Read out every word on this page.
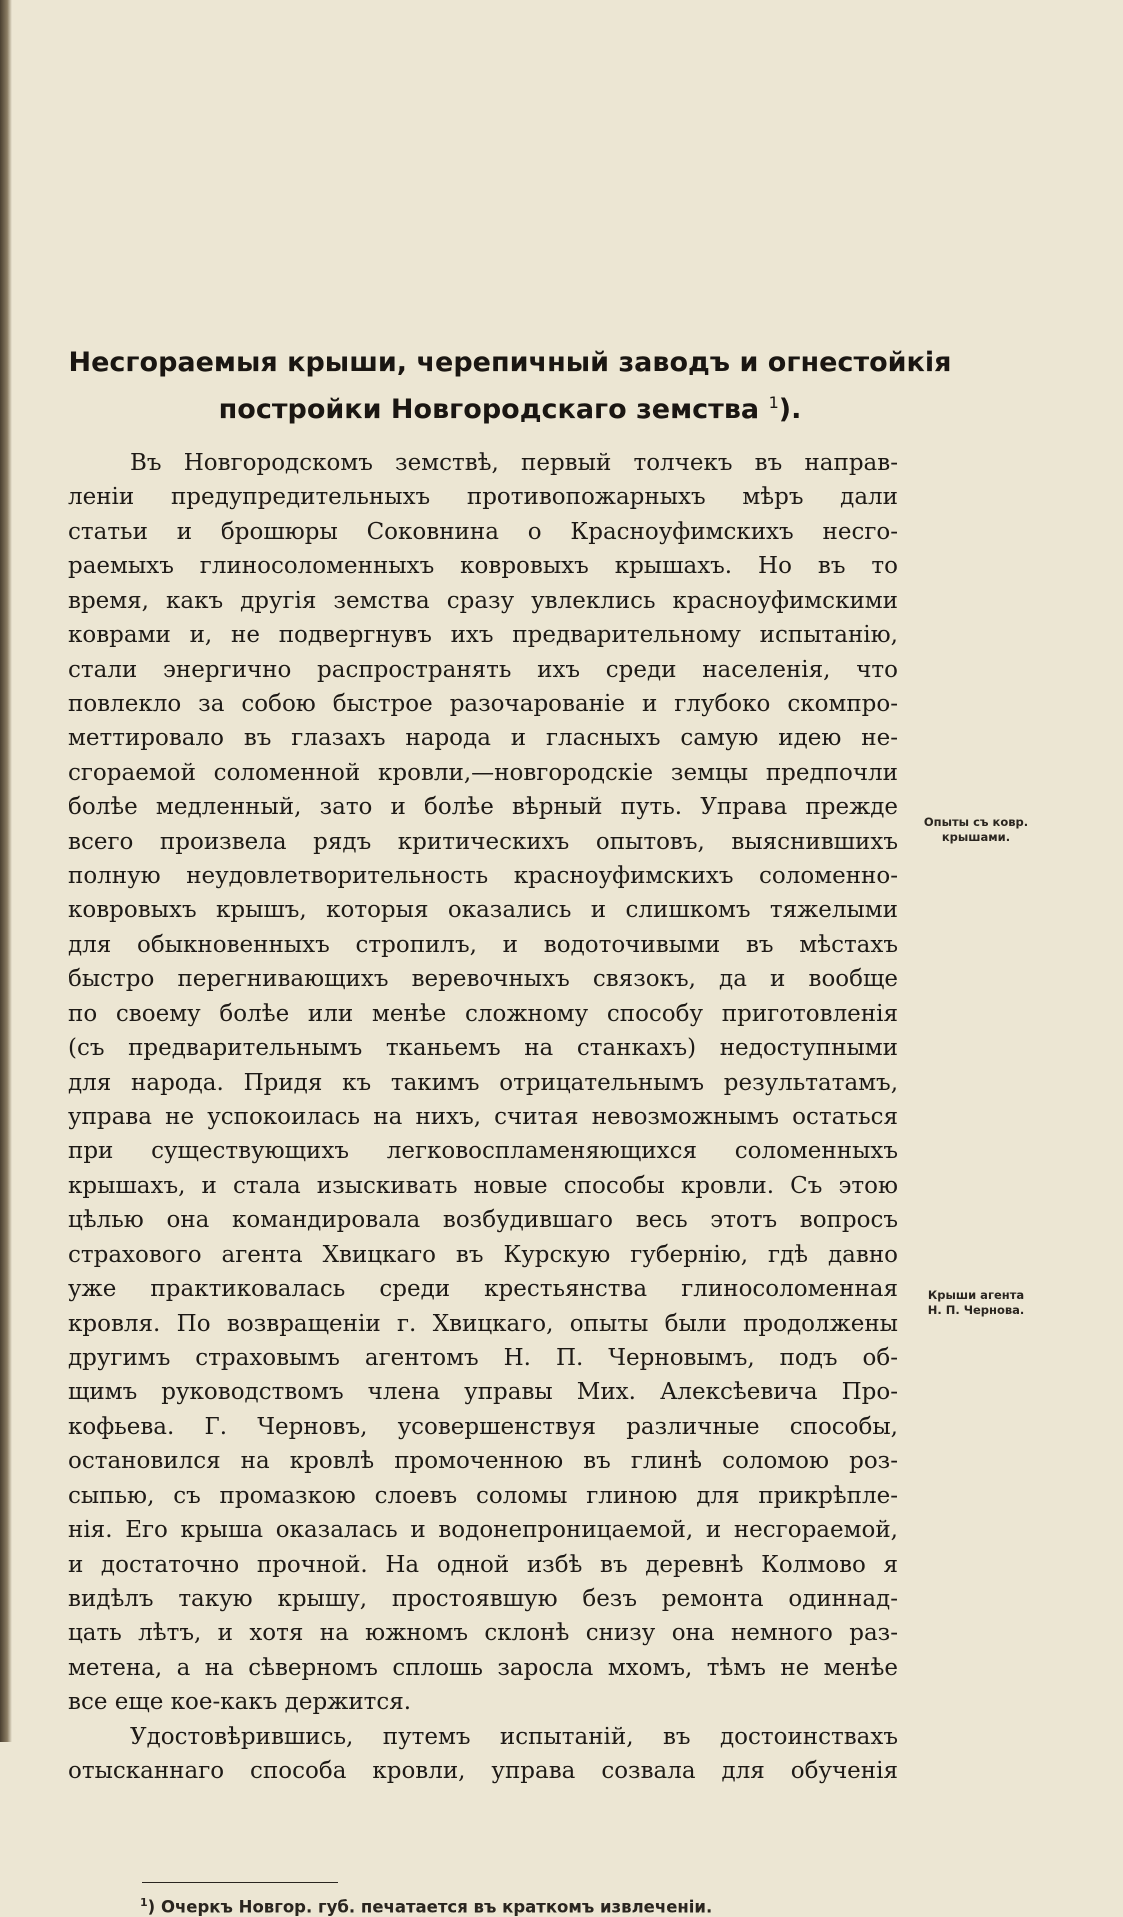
Несгораемыя крыши, черепичный заводъ и огнестойкія
постройки Новгородскаго земства $^1$).
Въ Новгородскомъ земствѣ, первый толчекъ въ направ-
леніи предупредительныхъ противопожарныхъ мѣръ дали
статьи и брошюры Соковнина о Красноуфимскихъ несго-
раемыхъ глиносоломенныхъ ковровыхъ крышахъ. Но въ то
время, какъ другія земства сразу увлеклись красноуфимскими
коврами и, не подвергнувъ ихъ предварительному испытанію,
стали энергично распространять ихъ среди населенія, что
повлекло за собою быстрое разочарованіе и глубоко скомпро-
меттировало въ глазахъ народа и гласныхъ самую идею не-
сгораемой соломенной кровли,—новгородскіе земцы предпочли
болѣе медленный, зато и болѣе вѣрный путь. Управа прежде
всего произвела рядъ критическихъ опытовъ, выяснившихъ
полную неудовлетворительность красноуфимскихъ соломенно-
ковровыхъ крышъ, которыя оказались и слишкомъ тяжелыми
для обыкновенныхъ стропилъ, и водоточивыми въ мѣстахъ
быстро перегнивающихъ веревочныхъ связокъ, да и вообще
по своему болѣе или менѣе сложному способу приготовленія
(съ предварительнымъ тканьемъ на станкахъ) недоступными
для народа. Придя къ такимъ отрицательнымъ результатамъ,
управа не успокоилась на нихъ, считая невозможнымъ остаться
при существующихъ легковоспламеняющихся соломенныхъ
крышахъ, и стала изыскивать новые способы кровли. Съ этою
цѣлью она командировала возбудившаго весь этотъ вопросъ
страхового агента Хвицкаго въ Курскую губернію, гдѣ давно
уже практиковалась среди крестьянства глиносоломенная
кровля. По возвращеніи г. Хвицкаго, опыты были продолжены
другимъ страховымъ агентомъ Н. П. Черновымъ, подъ об-
щимъ руководствомъ члена управы Мих. Алексѣевича Про-
кофьева. Г. Черновъ, усовершенствуя различные способы,
остановился на кровлѣ промоченною въ глинѣ соломою роз-
сыпью, съ промазкою слоевъ соломы глиною для прикрѣпле-
нія. Его крыша оказалась и водонепроницаемой, и несгораемой,
и достаточно прочной. На одной избѣ въ деревнѣ Колмово я
видѣлъ такую крышу, простоявшую безъ ремонта одиннад-
цать лѣтъ, и хотя на южномъ склонѣ снизу она немного раз-
метена, а на сѣверномъ сплошь заросла мхомъ, тѣмъ не менѣе
все еще кое-какъ держится.
Удостовѣрившись, путемъ испытаній, въ достоинствахъ
отысканнаго способа кровли, управа созвала для обученія
Опыты съ ковр.
крышами.
Крыши агента
Н. П. Чернова.
$^1$) Очеркъ Новгор. губ. печатается въ краткомъ извлеченіи.
